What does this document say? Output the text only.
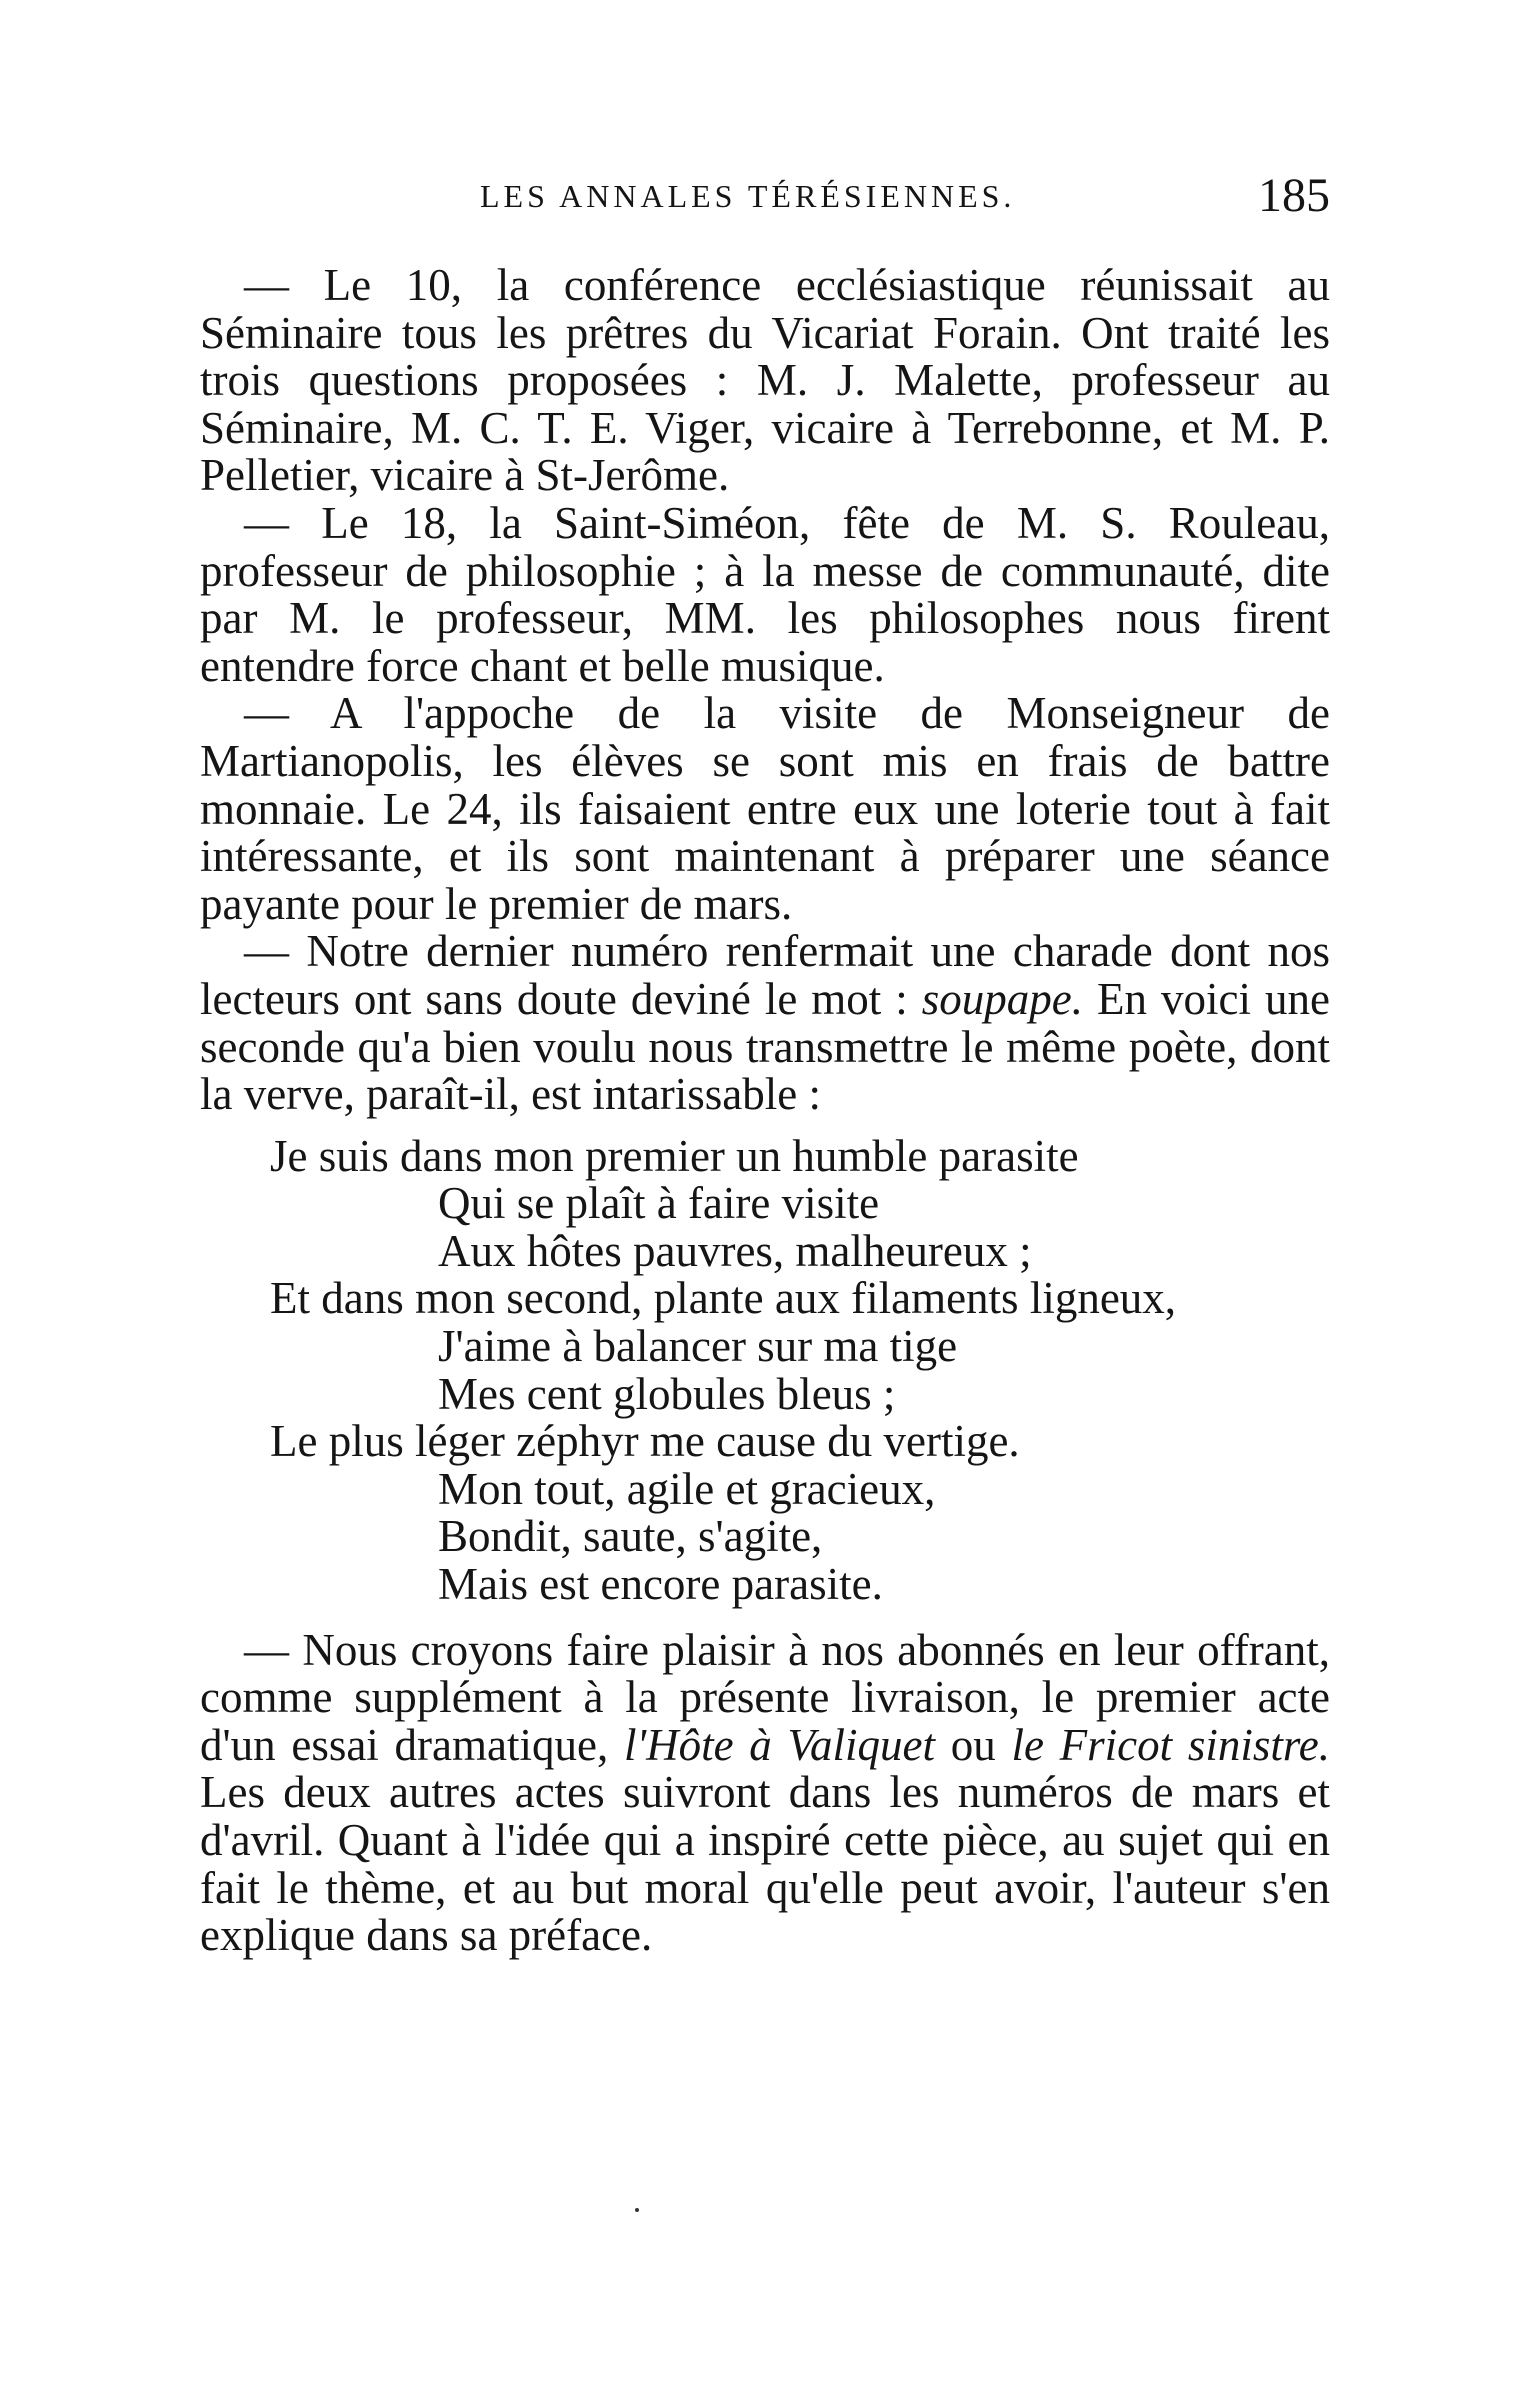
LES ANNALES TÉRÉSIENNES.	185

— Le 10, la conférence ecclésiastique réunissait au Séminaire tous les prêtres du Vicariat Forain. Ont traité les trois questions proposées : M. J. Malette, professeur au Séminaire, M. C. T. E. Viger, vicaire à Terrebonne, et M. P. Pelletier, vicaire à St-Jerôme.

— Le 18, la Saint-Siméon, fête de M. S. Rouleau, professeur de philosophie ; à la messe de communauté, dite par M. le professeur, MM. les philosophes nous firent entendre force chant et belle musique.

— A l'appoche de la visite de Monseigneur de Martianopolis, les élèves se sont mis en frais de battre monnaie. Le 24, ils faisaient entre eux une loterie tout à fait intéressante, et ils sont maintenant à préparer une séance payante pour le premier de mars.

— Notre dernier numéro renfermait une charade dont nos lecteurs ont sans doute deviné le mot : soupape. En voici une seconde qu'a bien voulu nous transmettre le même poète, dont la verve, paraît-il, est intarissable :

Je suis dans mon premier un humble parasite
Qui se plaît à faire visite
Aux hôtes pauvres, malheureux ;
Et dans mon second, plante aux filaments ligneux,
J'aime à balancer sur ma tige
Mes cent globules bleus ;
Le plus léger zéphyr me cause du vertige.
Mon tout, agile et gracieux,
Bondit, saute, s'agite,
Mais est encore parasite.

— Nous croyons faire plaisir à nos abonnés en leur offrant, comme supplément à la présente livraison, le premier acte d'un essai dramatique, l'Hôte à Valiquet ou le Fricot sinistre. Les deux autres actes suivront dans les numéros de mars et d'avril. Quant à l'idée qui a inspiré cette pièce, au sujet qui en fait le thème, et au but moral qu'elle peut avoir, l'auteur s'en explique dans sa préface.
